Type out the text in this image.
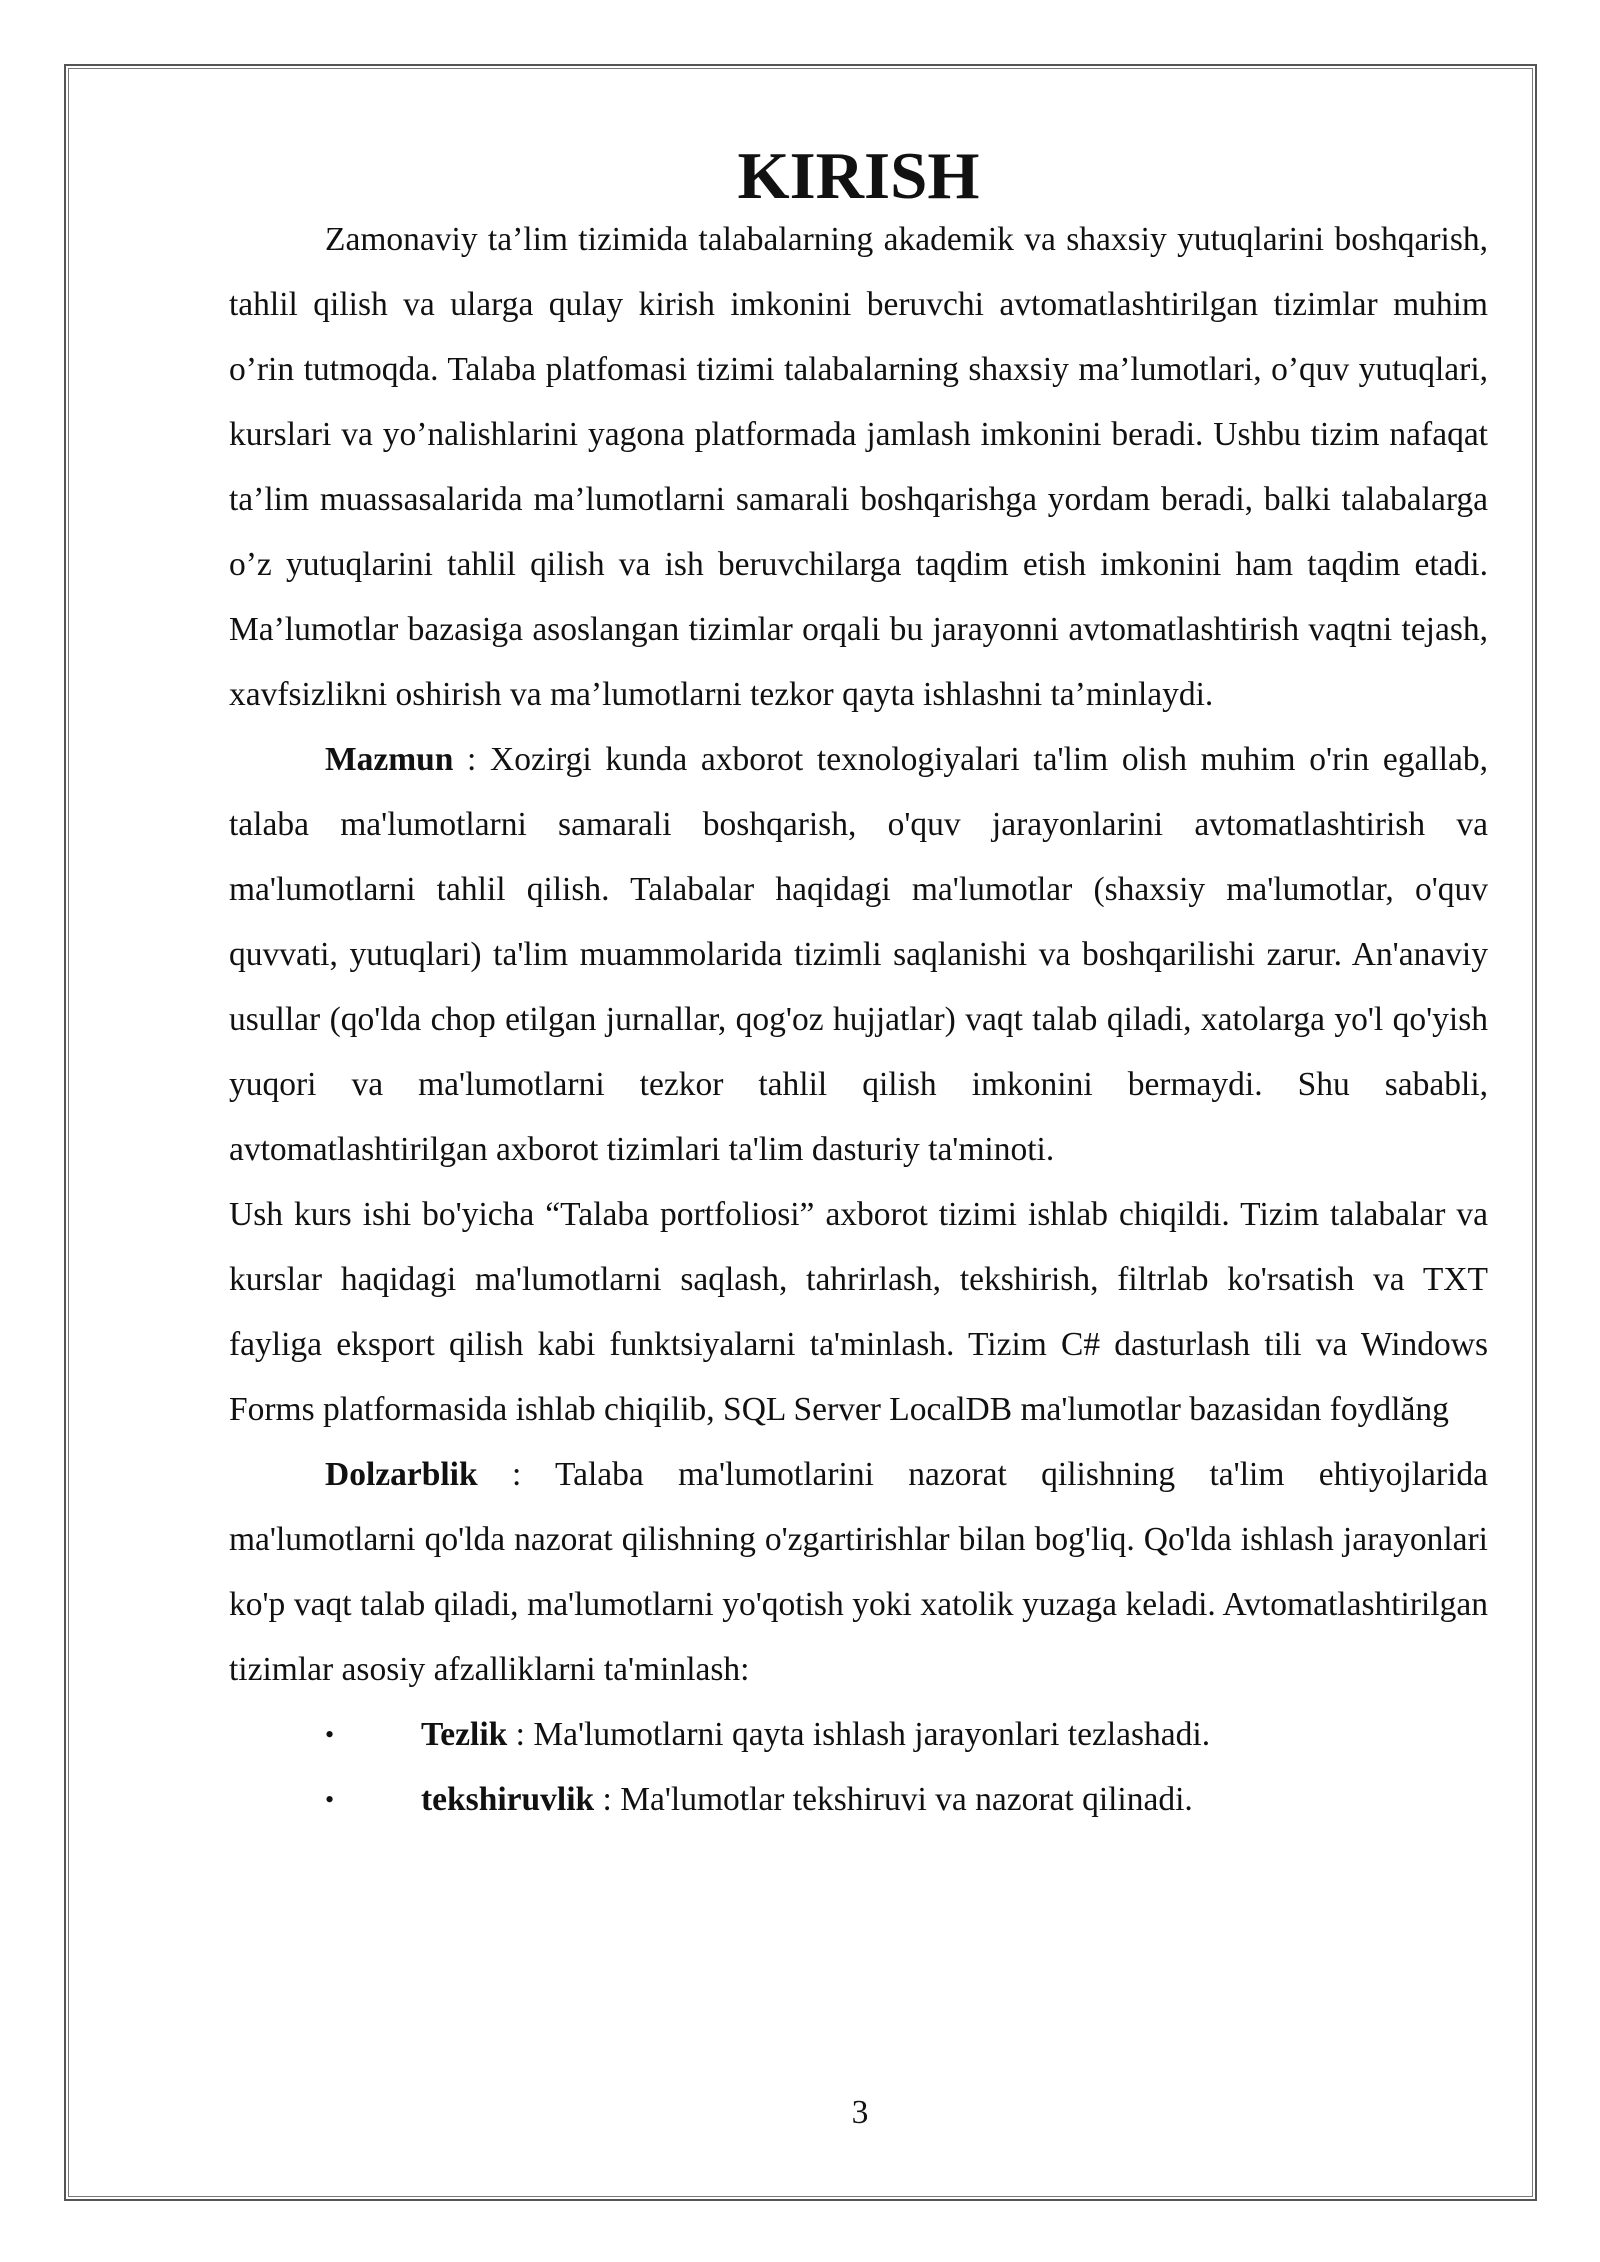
KIRISH

Zamonaviy ta’lim tizimida talabalarning akademik va shaxsiy yutuqlarini boshqarish, tahlil qilish va ularga qulay kirish imkonini beruvchi avtomatlashtirilgan tizimlar muhim o’rin tutmoqda. Talaba platfomasi tizimi talabalarning shaxsiy ma’lumotlari, o’quv yutuqlari, kurslari va yo’nalishlarini yagona platformada jamlash imkonini beradi. Ushbu tizim nafaqat ta’lim muassasalarida ma’lumotlarni samarali boshqarishga yordam beradi, balki talabalarga o’z yutuqlarini tahlil qilish va ish beruvchilarga taqdim etish imkonini ham taqdim etadi. Ma’lumotlar bazasiga asoslangan tizimlar orqali bu jarayonni avtomatlashtirish vaqtni tejash, xavfsizlikni oshirish va ma’lumotlarni tezkor qayta ishlashni ta’minlaydi.

Mazmun : Xozirgi kunda axborot texnologiyalari ta'lim olish muhim o'rin egallab, talaba ma'lumotlarni samarali boshqarish, o'quv jarayonlarini avtomatlashtirish va ma'lumotlarni tahlil qilish. Talabalar haqidagi ma'lumotlar (shaxsiy ma'lumotlar, o'quv quvvati, yutuqlari) ta'lim muammolarida tizimli saqlanishi va boshqarilishi zarur. An'anaviy usullar (qo'lda chop etilgan jurnallar, qog'oz hujjatlar) vaqt talab qiladi, xatolarga yo'l qo'yish yuqori va ma'lumotlarni tezkor tahlil qilish imkonini bermaydi. Shu sababli, avtomatlashtirilgan axborot tizimlari ta'lim dasturiy ta'minoti.

Ush kurs ishi bo'yicha “Talaba portfoliosi” axborot tizimi ishlab chiqildi. Tizim talabalar va kurslar haqidagi ma'lumotlarni saqlash, tahrirlash, tekshirish, filtrlab ko'rsatish va TXT fayliga eksport qilish kabi funktsiyalarni ta'minlash. Tizim C# dasturlash tili va Windows Forms platformasida ishlab chiqilib, SQL Server LocalDB ma'lumotlar bazasidan foydlăng

Dolzarblik : Talaba ma'lumotlarini nazorat qilishning ta'lim ehtiyojlarida ma'lumotlarni qo'lda nazorat qilishning o'zgartirishlar bilan bog'liq. Qo'lda ishlash jarayonlari ko'p vaqt talab qiladi, ma'lumotlarni yo'qotish yoki xatolik yuzaga keladi. Avtomatlashtirilgan tizimlar asosiy afzalliklarni ta'minlash:

•	Tezlik : Ma'lumotlarni qayta ishlash jarayonlari tezlashadi.
•	tekshiruvlik : Ma'lumotlar tekshiruvi va nazorat qilinadi.
3
